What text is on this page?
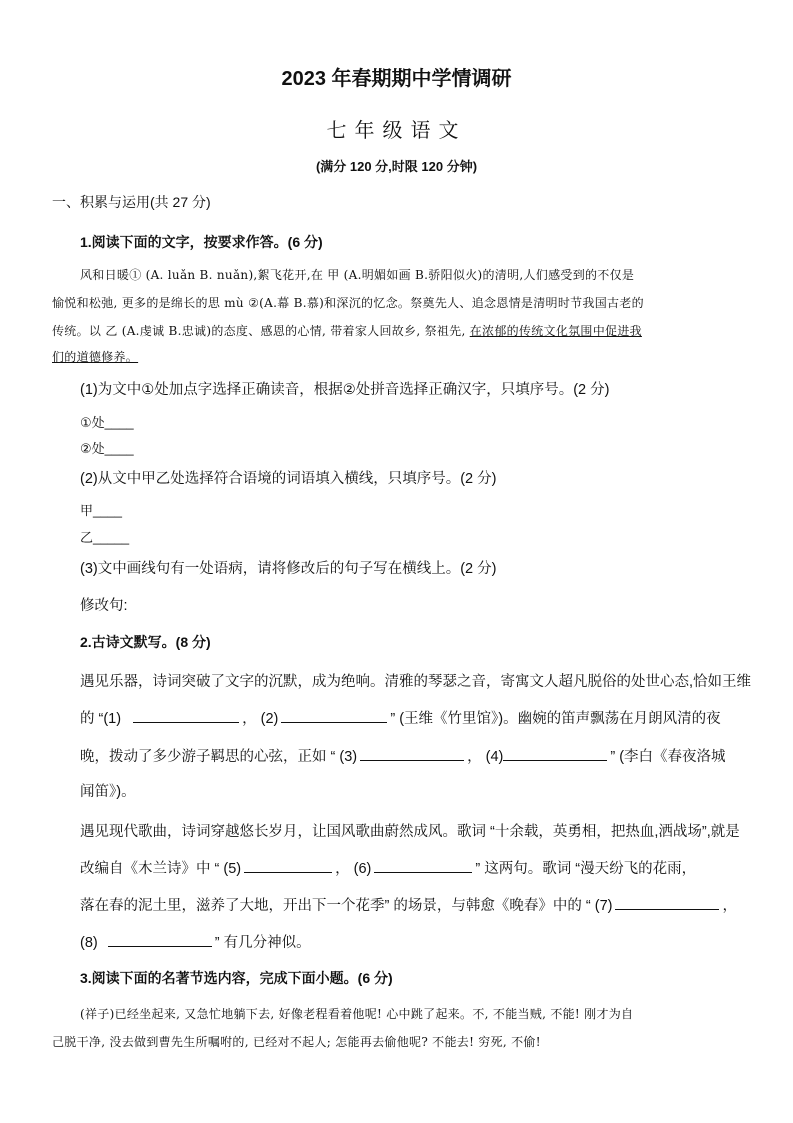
2023 年春期期中学情调研
七年级语文
(满分 120 分,时限 120 分钟)
一、积累与运用(共 27 分)
1.阅读下面的文字，按要求作答。(6 分)
风和日暖① (A. luǎn B. nuǎn),絮飞花开,在 甲 (A.明媚如画 B.骄阳似火)的清明,人们感受到的不仅是
愉悦和松弛, 更多的是绵长的思 mù ②(A.幕 B.慕)和深沉的忆念。祭奠先人、追念恩情是清明时节我国古老的
传统。以 乙 (A.虔诚 B.忠诚)的态度、感恩的心情, 带着家人回故乡, 祭祖先, 在浓郁的传统文化氛围中促进我
们的道德修养。
(1)为文中①处加点字选择正确读音，根据②处拼音选择正确汉字，只填序号。(2 分)
①处____
②处____
(2)从文中甲乙处选择符合语境的词语填入横线，只填序号。(2 分)
甲____
乙_____
(3)文中画线句有一处语病，请将修改后的句子写在横线上。(2 分)
修改句:
2.古诗文默写。(8 分)
遇见乐器，诗词突破了文字的沉默，成为绝响。清雅的琴瑟之音，寄寓文人超凡脱俗的处世心态,恰如王维
的 “(1)	， (2)	” (王维《竹里馆》)。幽婉的笛声飘荡在月朗风清的夜
晚，拨动了多少游子羁思的心弦，正如 “ (3)	， (4)	” (李白《春夜洛城
闻笛》)。
遇见现代歌曲，诗词穿越悠长岁月，让国风歌曲蔚然成风。歌词 “十余载，英勇相，把热血,洒战场”,就是
改编自《木兰诗》中 “ (5)	， (6)	” 这两句。歌词 “漫天纷飞的花雨，
落在春的泥土里，滋养了大地，开出下一个花季” 的场景，与韩愈《晚春》中的 “ (7)	，
(8)	” 有几分神似。
3.阅读下面的名著节选内容，完成下面小题。(6 分)
(祥子)已经坐起来, 又急忙地躺下去, 好像老程看着他呢! 心中跳了起来。不, 不能当贼, 不能! 刚才为自
己脱干净, 没去做到曹先生所嘱咐的, 已经对不起人; 怎能再去偷他呢? 不能去! 穷死, 不偷!
